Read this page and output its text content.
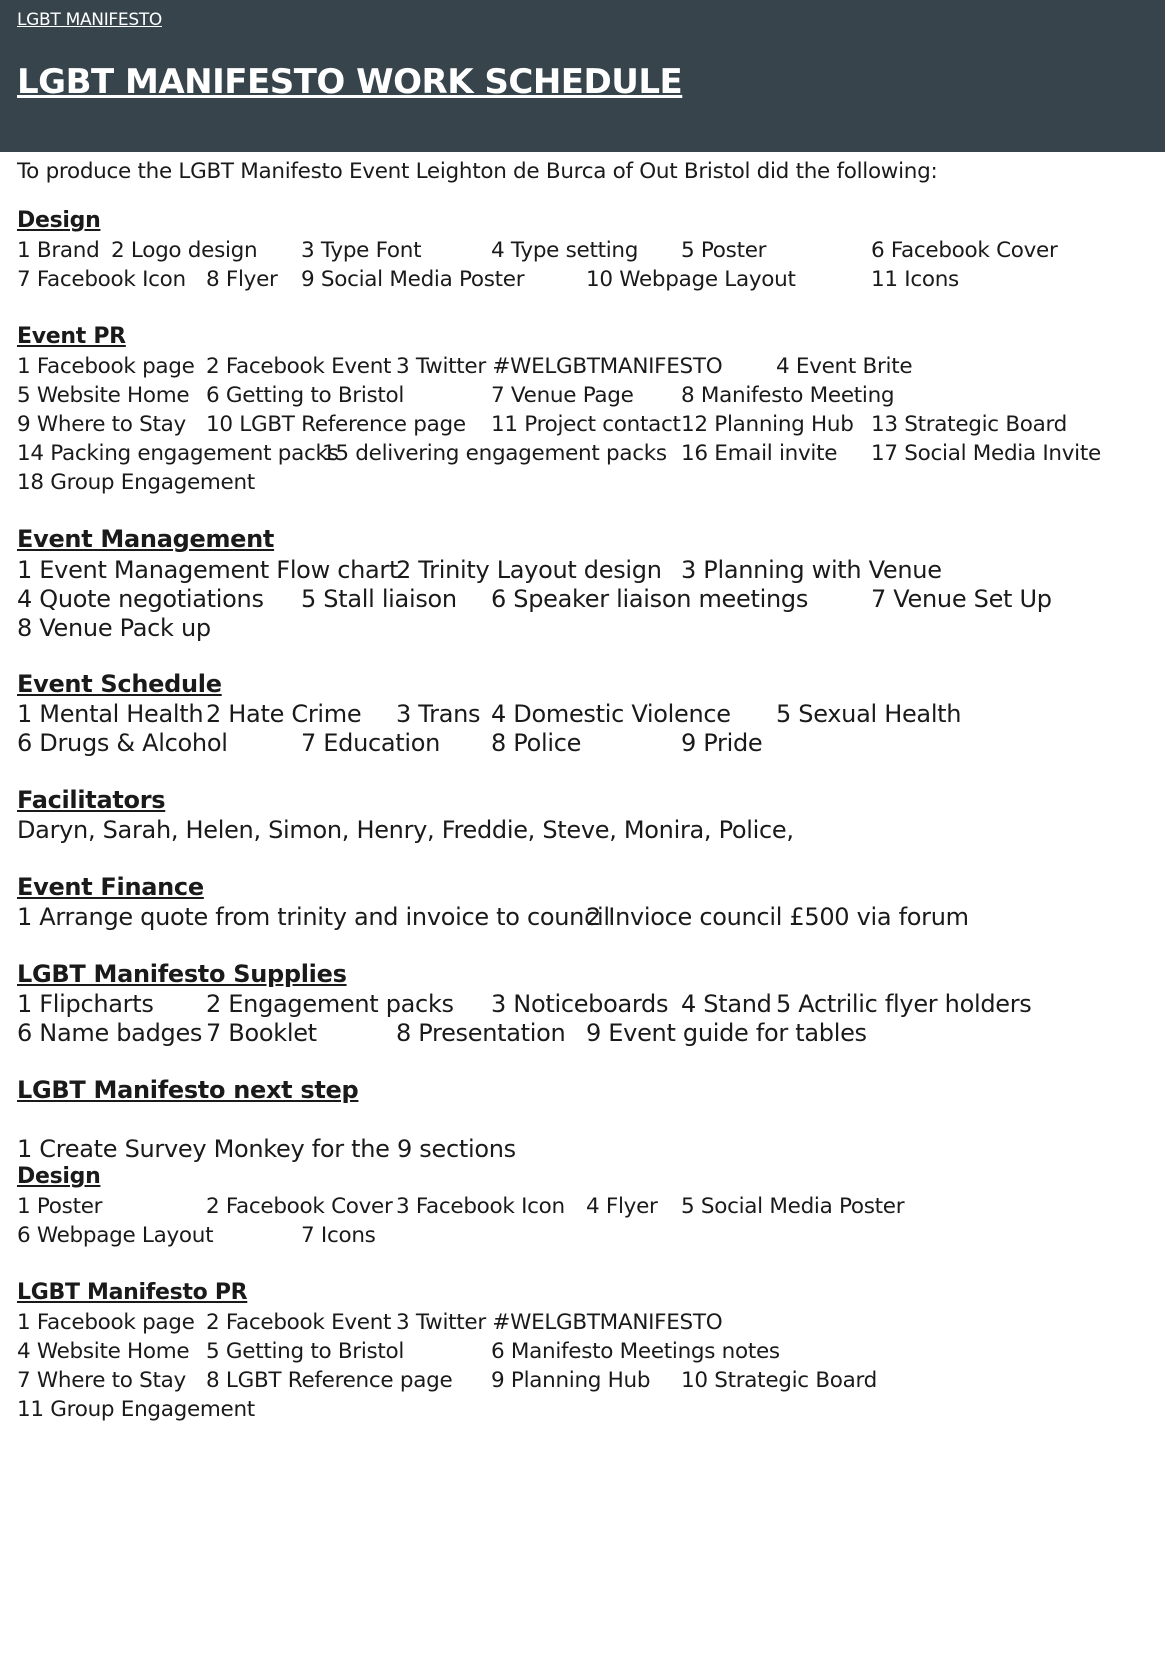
LGBT MANIFESTO
LGBT MANIFESTO WORK SCHEDULE
To produce the LGBT Manifesto Event Leighton de Burca of Out Bristol did the following:
Design
1 Brand 2 Logo design 3 Type Font	4 Type setting 5 Poster	6 Facebook Cover
7 Facebook Icon 8 Flyer 9 Social Media Poster	10 Webpage Layout	11 Icons
Event PR
1 Facebook page 2 Facebook Event 3 Twitter #WELGBTMANIFESTO 4 Event Brite
5 Website Home 6 Getting to Bristol	7 Venue Page 8 Manifesto Meeting
9 Where to Stay 10 LGBT Reference page 11 Project contact 12 Planning Hub 13 Strategic Board
14 Packing engagement packs
15 delivering engagement packs 16 Email invite 17 Social Media Invite
18 Group Engagement
Event Management
1 Event Management Flow chart
2 Trinity Layout design 3 Planning with Venue
4 Quote negotiations 5 Stall liaison 6 Speaker liaison meetings	7 Venue Set Up
8 Venue Pack up
Event Schedule
1 Mental Health 2 Hate Crime 3 Trans 4 Domestic Violence 5 Sexual Health
6 Drugs & Alcohol	7 Education 8 Police	9 Pride
Facilitators
Daryn, Sarah, Helen, Simon, Henry, Freddie, Steve, Monira, Police,
Event Finance
1 Arrange quote from trinity and invoice to council
2 Invioce council £500 via forum
LGBT Manifesto Supplies
1 Flipcharts 2 Engagement packs 3 Noticeboards 4 Stand 5 Actrilic flyer holders
6 Name badges 7 Booklet	8 Presentation 9 Event guide for tables
LGBT Manifesto next step
1 Create Survey Monkey for the 9 sections
Design
1 Poster	2 Facebook Cover 3 Facebook Icon 4 Flyer 5 Social Media Poster
6 Webpage Layout	7 Icons
LGBT Manifesto PR
1 Facebook page 2 Facebook Event 3 Twitter #WELGBTMANIFESTO
4 Website Home 5 Getting to Bristol	6 Manifesto Meetings notes
7 Where to Stay 8 LGBT Reference page 9 Planning Hub 10 Strategic Board
11 Group Engagement
